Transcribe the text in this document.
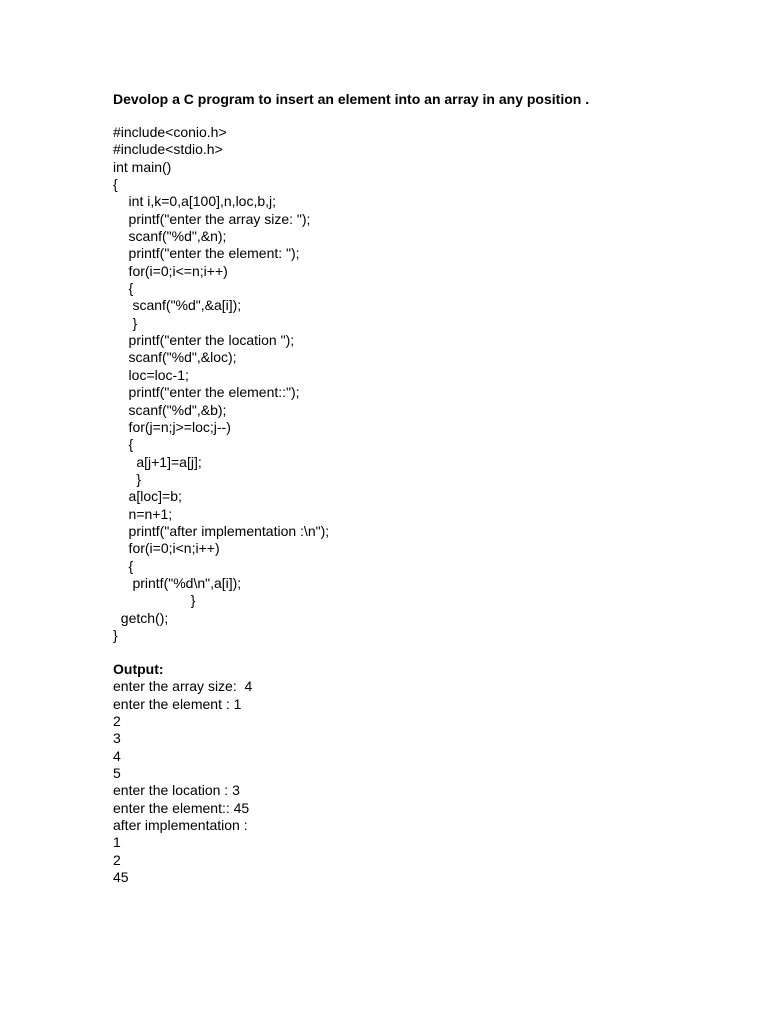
Devolop a C program to insert an element into an array in any position .
#include<conio.h>
#include<stdio.h>
int main()
{
int i,k=0,a[100],n,loc,b,j;
printf("enter the array size: ");
scanf("%d",&n);
printf("enter the element: ");
for(i=0;i<=n;i++)
{
scanf("%d",&a[i]);
}
printf("enter the location ");
scanf("%d",&loc);
loc=loc-1;
printf("enter the element::");
scanf("%d",&b);
for(j=n;j>=loc;j--)
{
a[j+1]=a[j];
}
a[loc]=b;
n=n+1;
printf("after implementation :\n");
for(i=0;i<n;i++)
{
printf("%d\n",a[i]);
}
getch();
}
Output:
enter the array size:  4
enter the element : 1
2
3
4
5
enter the location : 3
enter the element:: 45
after implementation :
1
2
45
